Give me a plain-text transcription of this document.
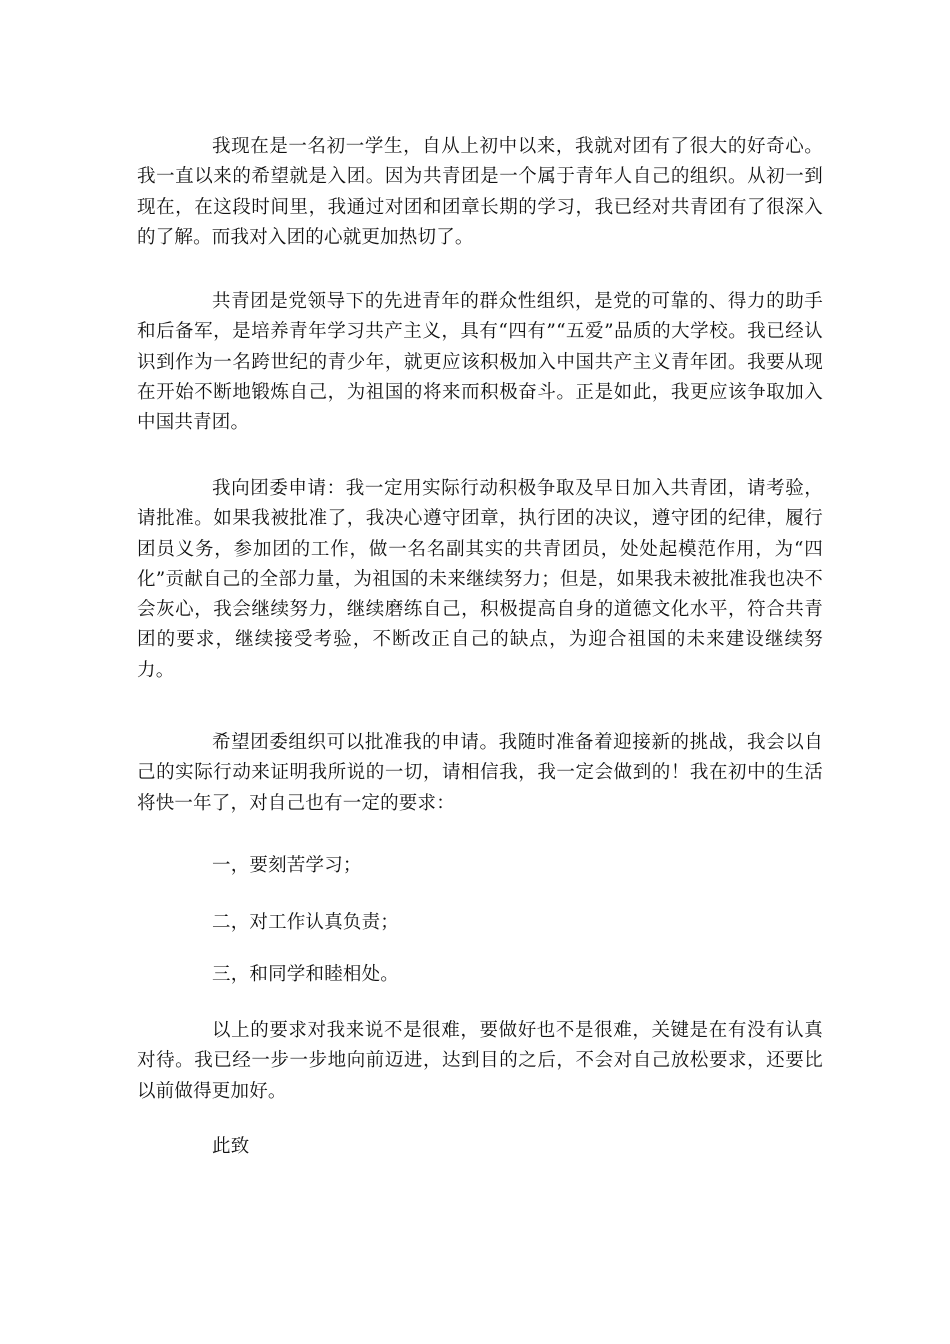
我现在是一名初一学生，自从上初中以来，我就对团有了很大的好奇心。我一直以来的希望就是入团。因为共青团是一个属于青年人自己的组织。从初一到现在，在这段时间里，我通过对团和团章长期的学习，我已经对共青团有了很深入的了解。而我对入团的心就更加热切了。

共青团是党领导下的先进青年的群众性组织，是党的可靠的、得力的助手和后备军，是培养青年学习共产主义，具有“四有”“五爱”品质的大学校。我已经认识到作为一名跨世纪的青少年，就更应该积极加入中国共产主义青年团。我要从现在开始不断地锻炼自己，为祖国的将来而积极奋斗。正是如此，我更应该争取加入中国共青团。

我向团委申请：我一定用实际行动积极争取及早日加入共青团，请考验，请批准。如果我被批准了，我决心遵守团章，执行团的决议，遵守团的纪律，履行团员义务，参加团的工作，做一名名副其实的共青团员，处处起模范作用，为“四化”贡献自己的全部力量，为祖国的未来继续努力；但是，如果我未被批准我也决不会灰心，我会继续努力，继续磨练自己，积极提高自身的道德文化水平，符合共青团的要求，继续接受考验，不断改正自己的缺点，为迎合祖国的未来建设继续努力。

希望团委组织可以批准我的申请。我随时准备着迎接新的挑战，我会以自己的实际行动来证明我所说的一切，请相信我，我一定会做到的！我在初中的生活将快一年了，对自己也有一定的要求：

一，要刻苦学习；

二，对工作认真负责；

三，和同学和睦相处。

以上的要求对我来说不是很难，要做好也不是很难，关键是在有没有认真对待。我已经一步一步地向前迈进，达到目的之后，不会对自己放松要求，还要比以前做得更加好。

此致
